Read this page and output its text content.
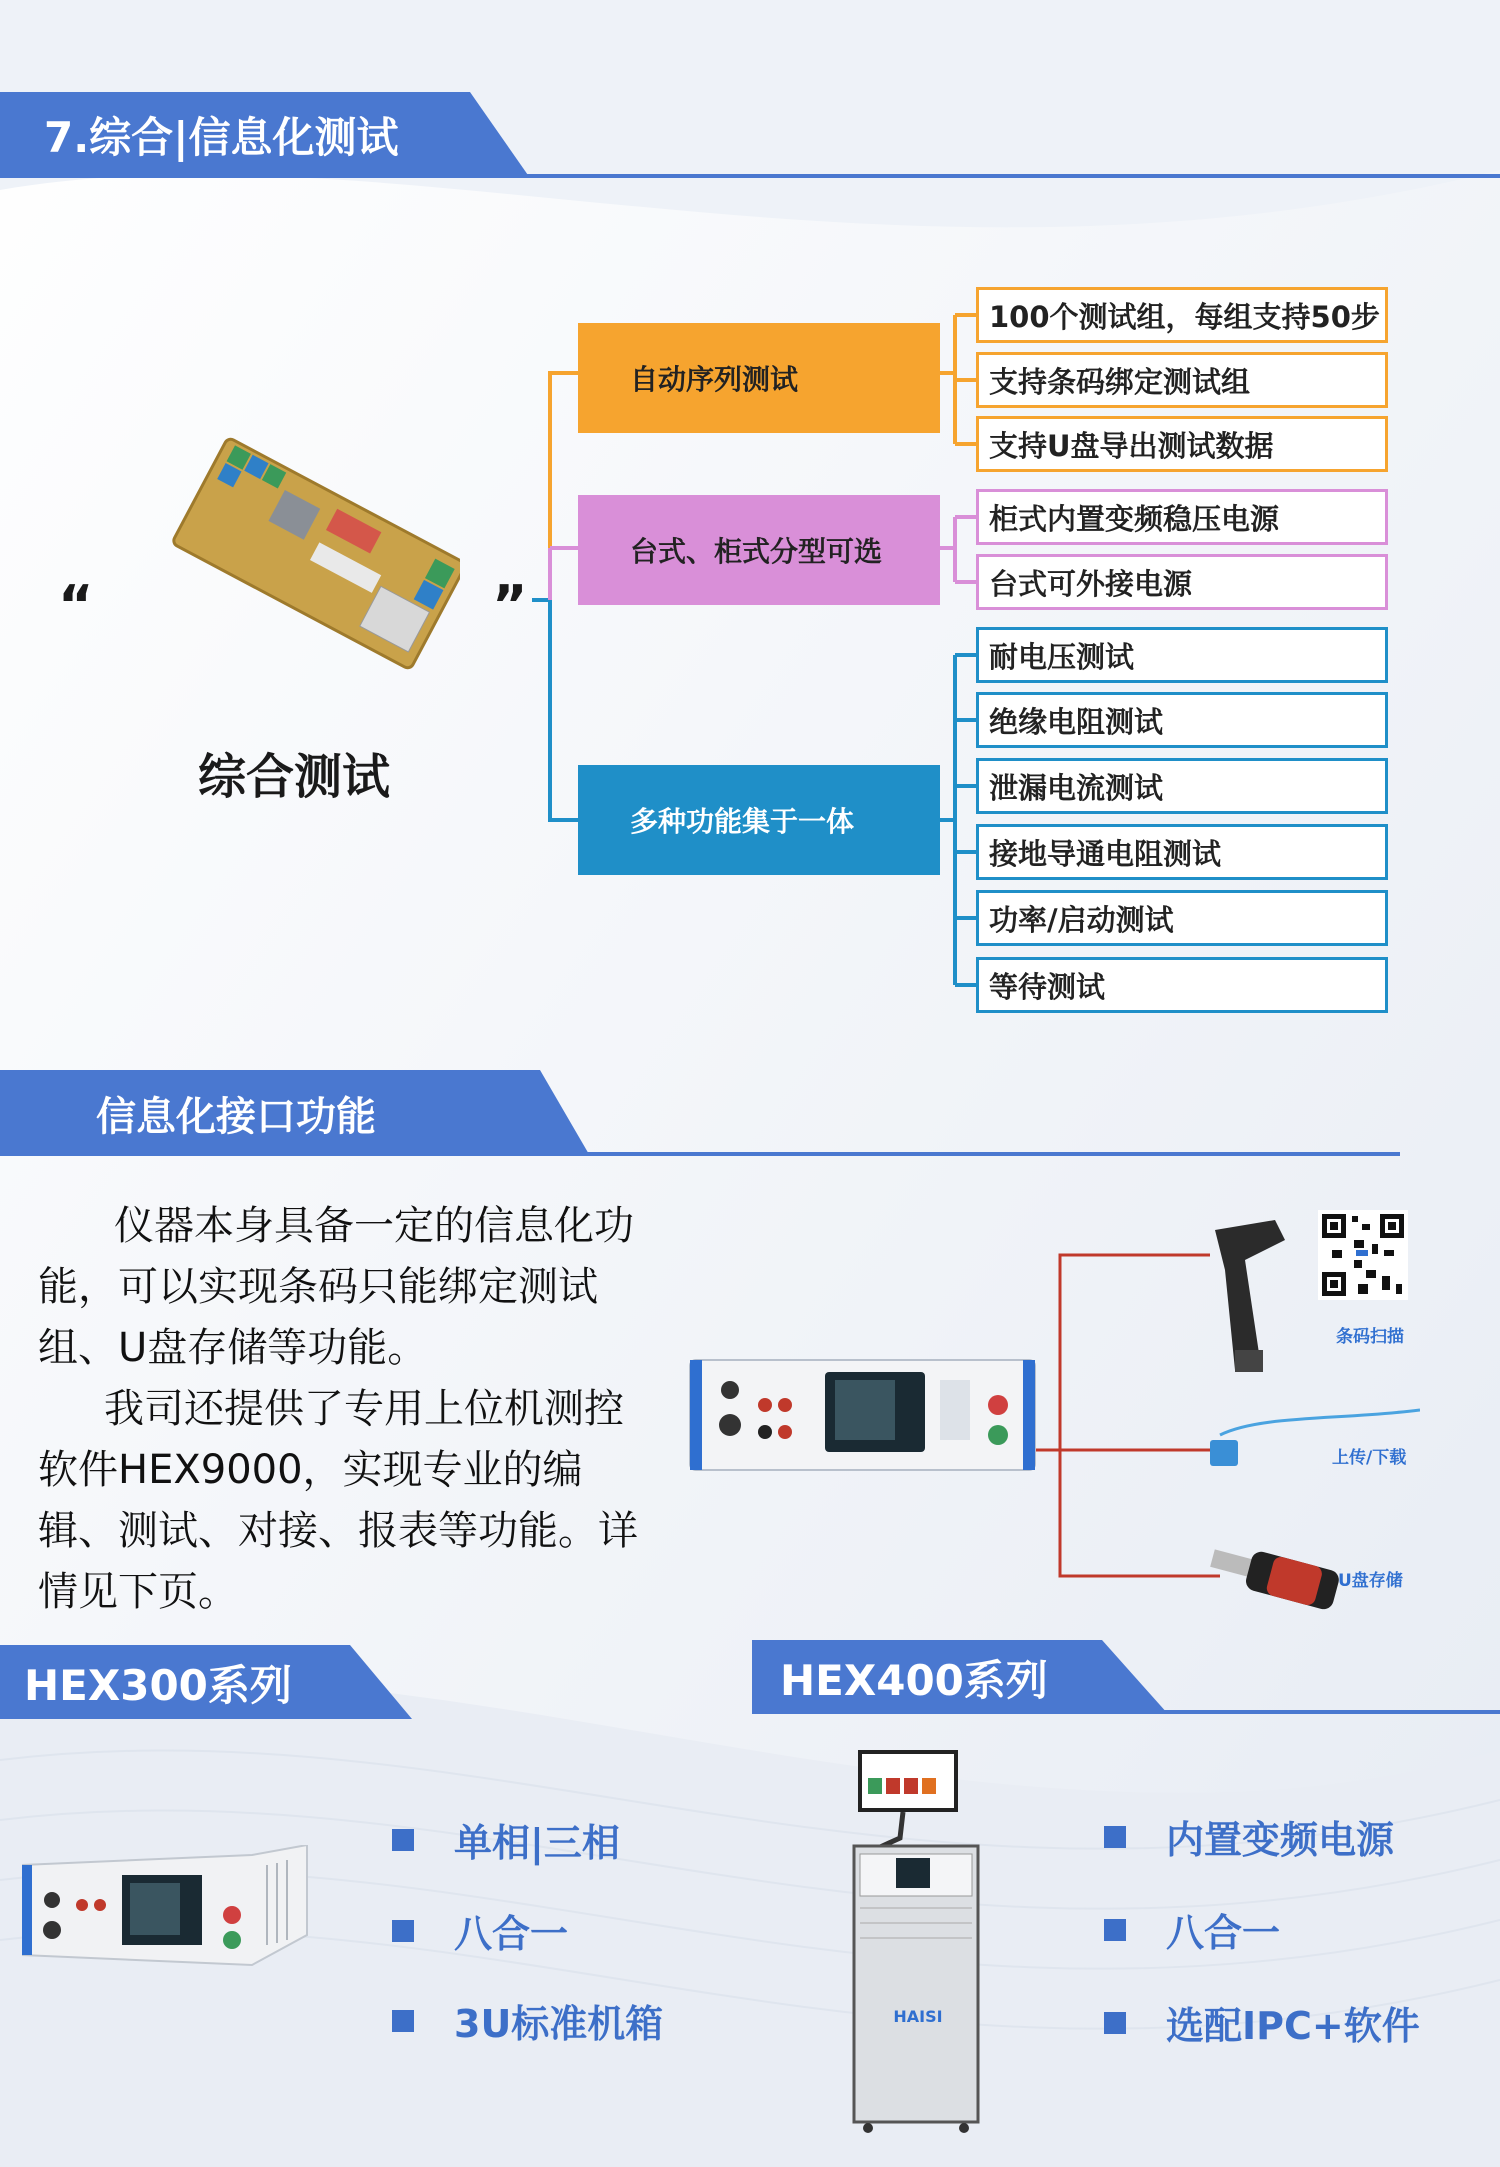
7.综合|信息化测试
“	”
综合测试
自动序列测试
台式、柜式分型可选
多种功能集于一体
100个测试组，每组支持50步
支持条码绑定测试组
支持U盘导出测试数据
柜式内置变频稳压电源
台式可外接电源
耐电压测试
绝缘电阻测试
泄漏电流测试
接地导通电阻测试
功率/启动测试
等待测试
信息化接口功能
仪器本身具备一定的信息化功能，可以实现条码只能绑定测试组、U盘存储等功能。
我司还提供了专用上位机测控软件HEX9000，实现专业的编辑、测试、对接、报表等功能。详情见下页。
条码扫描
上传/下载
U盘存储
HEX300系列	HEX400系列
单相|三相
八合一
3U标准机箱	HAISI
内置变频电源
八合一
选配IPC+软件
